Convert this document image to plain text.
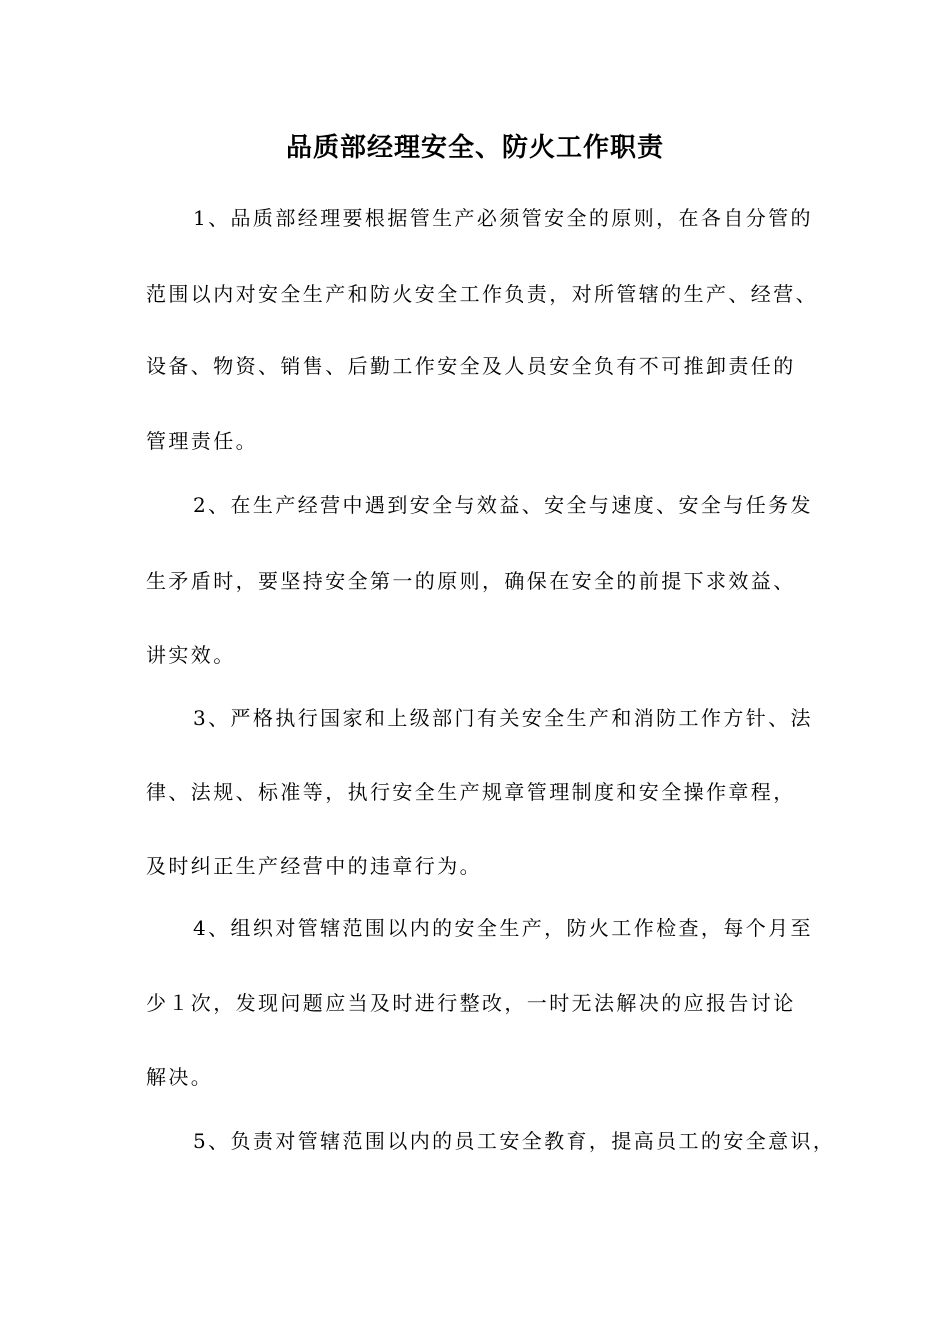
品质部经理安全、防火工作职责
1、品质部经理要根据管生产必须管安全的原则，在各自分管的
范围以内对安全生产和防火安全工作负责，对所管辖的生产、经营、
设备、物资、销售、后勤工作安全及人员安全负有不可推卸责任的
管理责任。
2、在生产经营中遇到安全与效益、安全与速度、安全与任务发
生矛盾时，要坚持安全第一的原则，确保在安全的前提下求效益、
讲实效。
3、严格执行国家和上级部门有关安全生产和消防工作方针、法
律、法规、标准等，执行安全生产规章管理制度和安全操作章程，
及时纠正生产经营中的违章行为。
4、组织对管辖范围以内的安全生产，防火工作检查，每个月至
少１次，发现问题应当及时进行整改，一时无法解决的应报告讨论
解决。
5、负责对管辖范围以内的员工安全教育，提高员工的安全意识，
